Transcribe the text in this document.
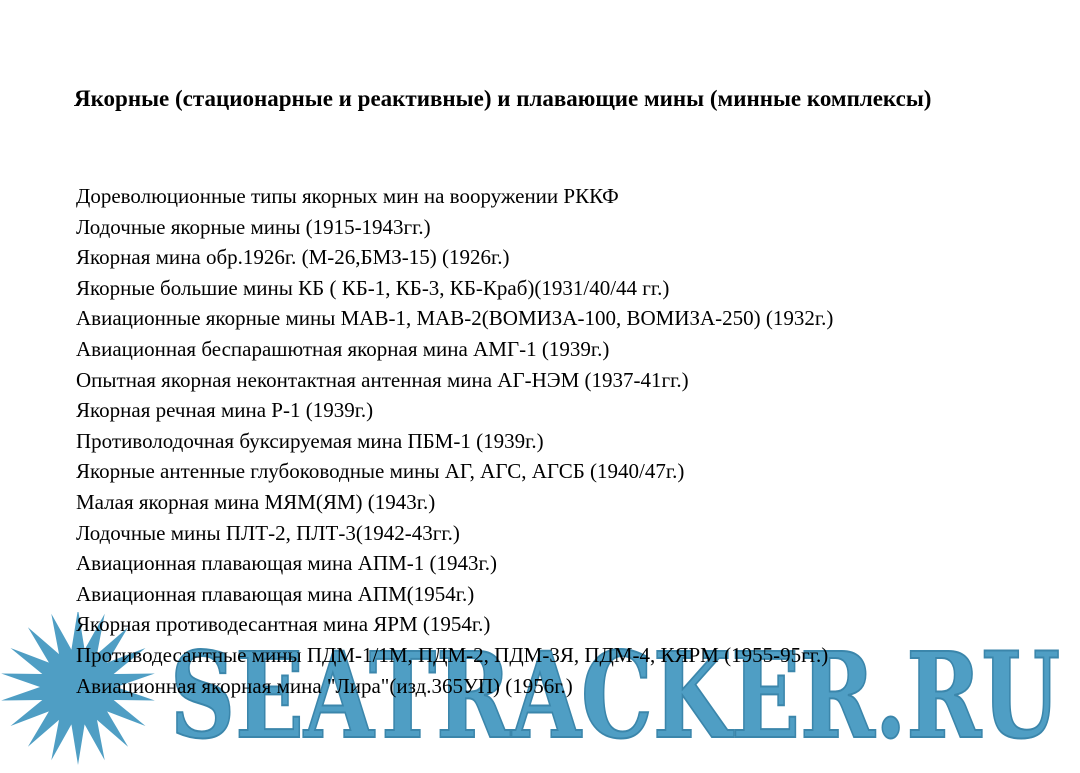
Якорные (стационарные и реактивные) и плавающие мины (минные комплексы)
Дореволюционные типы якорных мин на вооружении РККФ
Лодочные якорные мины (1915-1943гг.)
Якорная мина обр.1926г. (М-26,БМЗ-15) (1926г.)
Якорные большие мины КБ ( КБ-1, КБ-3, КБ-Краб)(1931/40/44 гг.)
Авиационные якорные мины МАВ-1, МАВ-2(ВОМИЗА-100, ВОМИЗА-250) (1932г.)
Авиационная беспарашютная якорная мина АМГ-1 (1939г.)
Опытная якорная неконтактная антенная мина АГ-НЭМ (1937-41гг.)
Якорная речная мина Р-1 (1939г.)
Противолодочная буксируемая мина ПБМ-1 (1939г.)
Якорные антенные глубоководные мины АГ, АГС, АГСБ (1940/47г.)
Малая якорная мина МЯМ(ЯМ) (1943г.)
Лодочные мины ПЛТ-2, ПЛТ-3(1942-43гг.)
Авиационная плавающая мина АПМ-1 (1943г.)
Авиационная плавающая мина АПМ(1954г.)
Якорная противодесантная мина ЯРМ (1954г.)
Противодесантные мины ПДМ-1/1М, ПДМ-2, ПДМ-3Я, ПДМ-4, КЯРМ (1955-95гг.)
Авиационная якорная мина "Лира"(изд.365УП) (1956г.)
SEATRACKER.RU
